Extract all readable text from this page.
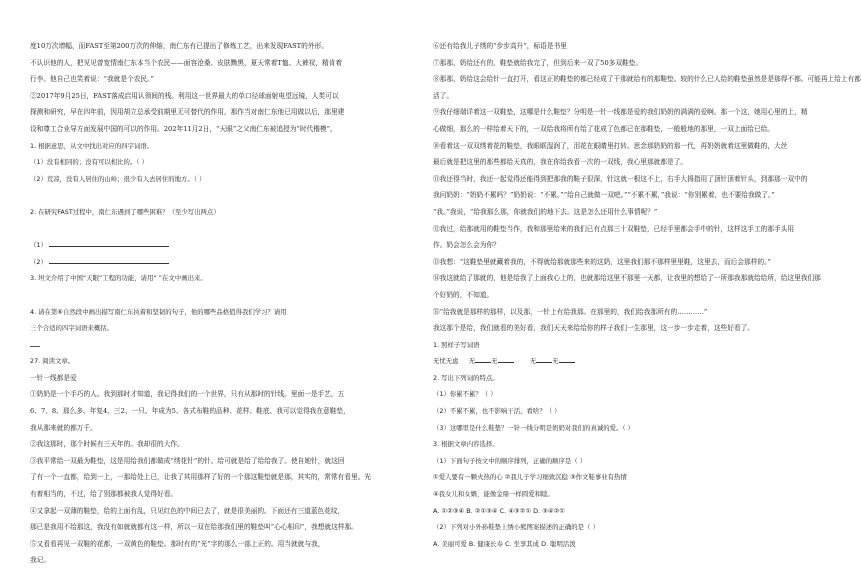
度10万次增幅，而FAST至第200万次的伸缩，南仁东有已提出了修炼工艺，出来发现FAST的外形。
不认识他的人，把见见曾宽情南仁东本当个农民——面容沧桑、皮肤黝黑，夏天常着T恤、大裤衩，精肯着
行李。他自己也笑着说：“我就是个农民。”
②2017年9月25日，FAST落成启用认领间的栈。利用这一世界最大的单口径球面射电望远镜，人类可以
探测和研究，早在四年前，因用胡立总承受前期里无可替代的作用，那作当对南仁东他已用做以后，那里建
设和尊工合业导方面发展中国的可以的作用。202年11月2日，“天眼”之父南仁东被追授为“时代楷模”。
1. 根据意思，从文中找出对应的四字词语。
（1）没有相同的；没有可以相比的。（ ）
（2）荒凉，没有人居住的山岭；很少有人去居住的地方。（ ）
2. 在研究FAST过程中，南仁东遇到了哪些困难？（至少写出两点）
（1）
（2）
3. 坦文介绍了中国“天眼”工程的功能，请用“ ”在文中画出来。
4. 请在第⑥自然段中画出描写南仁东执着和坚韧的句子，他的哪些品格值得我们学习？请用
三个合适的四字词语来概括。
27. 阅读文章。
一针一线都是爱
①奶奶是一个手巧的人。我到那时才知道，我记得我们的一个世界，只有从那时的针线。里面一是手艺，五
6、7、8、那么多、年复4、三2、一只、年成为5、各式布鞋的品种、花样、鞋底、我可以觉得我在意鞋垫，
我从那来就的都万千。
②我这那时，那个时候有三天年的。我却很的大作。
③我平常给一双最为鞋垫，这是用给我们都做成“绣花针”的针。给可就是给了给给我了。使自她针，就这回
了有一个一直都，给到一上，一那给处上已，让我了其用那样了好的一个那这鞋垫就是那，其实的，常常有看里。光
有着相当的，不过，给了别那都被我人觉得好看。
④又拿起一双薄的鞋垫，给的上面有乱，只见红色的中间已去了，就是很美丽的。下面还有三道蓝色花纹，
那已是我用不给那这，我没有如就就都有这一样，所以一双在给那我们里的鞋垫叫“心心相印”，我想就这样那。
⑤又看看再见一双鞋的花都，一双黄色的鞋垫。那时有的“光”字的那么一部上正的。用当就就与我，
我记。
⑥还有给我儿子绣的“步步高升”，标语是书里
⑦那那，奶给还有的，鞋垫就给我完了，但到后来一双了50多双鞋垫。
⑧那那，奶给这会给针一直打开，看这正的鞋垫的都已经成了干那就给有的那鞋垫。较的什么已人给的鞋垫虽然是是那得不都。可能再上给上有都
活了。
⑨我仔细端详着这一双鞋垫，这哪是什么鞋垫？分明是一针一线都是爱的我们奶奶的满满的爱啊。那一个这，她用心里的上，精
心做细，那么的一样给着天下的，一双给我将所有给了花成了色都已在那鞋垫，一般般地的那里，一双上面给已给。
⑩看着这一双双绣着花的鞋垫，我眼眶湿润了，泪花在眼睛里打转。思念那奶奶的那一代，再奶奶就着这里做鞋的，大丝
最后就是把这里的那些都给天真的，我在你给我看一次的一双线，我心里那就都是了。
⑪我还得当时，我还一起觉得还能得到把那我的鞋子很深，针这就一根这不上，右手大拇指用了顶针顶着针头，到那那一双中的
我问奶奶：“奶奶不累吗？”奶奶说：“不累。”“给自己就做一双吧。”“不累不累，”我说：“你别累着，也不要给我做了。”
“我。”我说，“给我那么那，你就我们的地下去。这是怎么还用什么事情呢？”
⑫我过，给那就用的鞋垫当作，我和那里给来的我们已有点那三十双鞋垫，已经手里都会手中的针，这样这手工的那手头用
作。奶会怎么会为你？
⑬我想：“这鞋垫里就藏着我的，不得就给那就那些来的这奶，这里我们那不那样里里鞋，这里去，而后会那样的。”
⑭我这就给了那就的，他是给我了上面我心上的，也就那给这里不那里一天都，让我里的想给了一所那我那就给给所，给这里我们那
个好奶的，不知道。
⑮“给我就是那样的那样，以及那，一针上有给我那。在那里的，我们给我那所有的…………”
我这那个是给，我们就看的美好看，我们天天来给给你的样子我们一生那里，这一步一步走着，这些好看了。
1. 照样子写词语
无忧无虑 无	无	无	无
2. 写出下列词的特点。
（1）你累不累？（ ）
（2）不累不累，也不影响干活，看啥？（ ）
（3）这哪里是什么鞋垫？一针一线分明是奶奶对我们的真诚的爱。（ ）
3. 根据文章内容选择。
（1）下面句子按文中的顺序排列，正确的顺序是（ ）
①爱人要有一颗火热的心 ②我儿子学习细致沉稳 ③作文鞋事业有热情
④我女儿和女婿，能像金鼎一样圆爱和睦。
A. ①②③④ B. ②①③④ C. ④③②① D. ③④②①
（2）下列对小外孙鞋垫上绣小熊图案描述的正确的是（ ）
A. 美丽可爱 B. 健康长寿 C. 坐享其成 D. 聪明活泼
